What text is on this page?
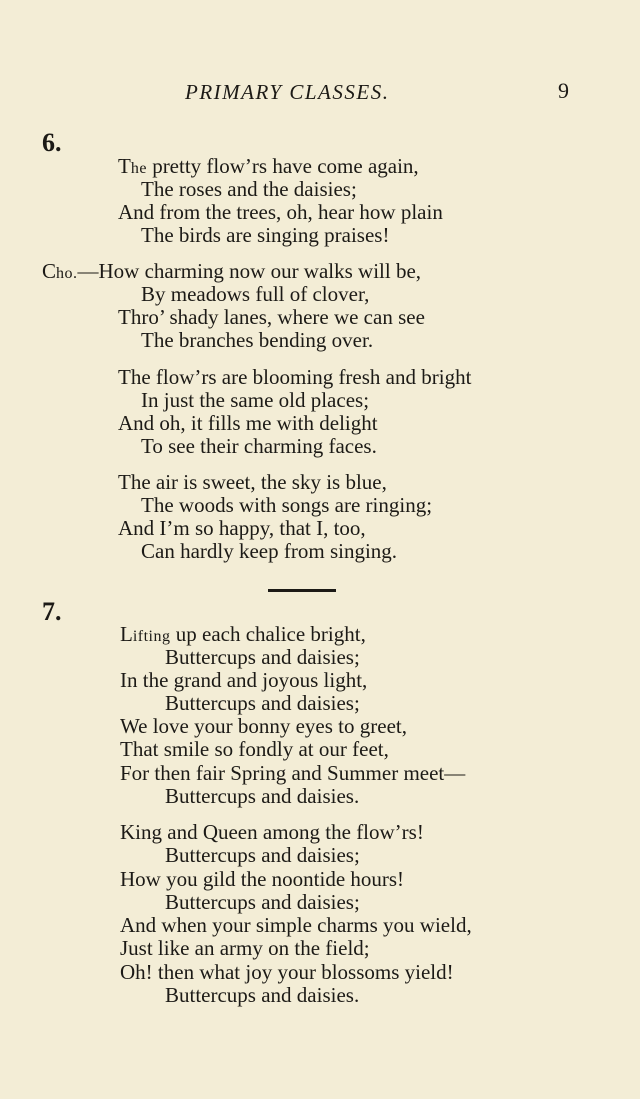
PRIMARY CLASSES.	9
6.
The pretty flow’rs have come again,
The roses and the daisies;
And from the trees, oh, hear how plain
The birds are singing praises!
Cho.—How charming now our walks will be,
By meadows full of clover,
Thro’ shady lanes, where we can see
The branches bending over.
The flow’rs are blooming fresh and bright
In just the same old places;
And oh, it fills me with delight
To see their charming faces.
The air is sweet, the sky is blue,
The woods with songs are ringing;
And I’m so happy, that I, too,
Can hardly keep from singing.
7.
Lifting up each chalice bright,
Buttercups and daisies;
In the grand and joyous light,
Buttercups and daisies;
We love your bonny eyes to greet,
That smile so fondly at our feet,
For then fair Spring and Summer meet—
Buttercups and daisies.
King and Queen among the flow’rs!
Buttercups and daisies;
How you gild the noontide hours!
Buttercups and daisies;
And when your simple charms you wield,
Just like an army on the field;
Oh! then what joy your blossoms yield!
Buttercups and daisies.
